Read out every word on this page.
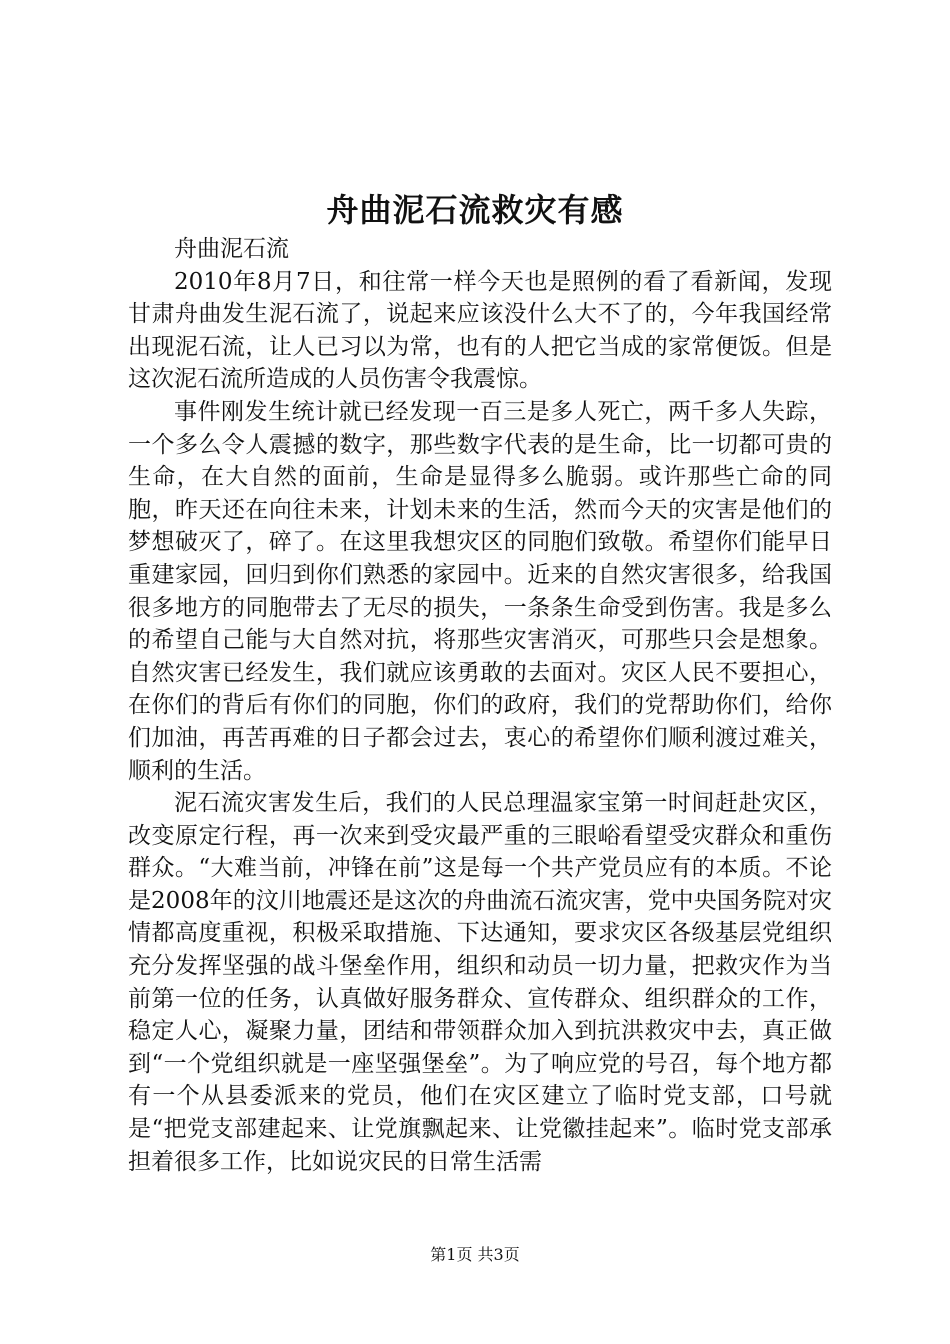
舟曲泥石流救灾有感

舟曲泥石流

2010年8月7日，和往常一样今天也是照例的看了看新闻，发现甘肃舟曲发生泥石流了，说起来应该没什么大不了的，今年我国经常出现泥石流，让人已习以为常，也有的人把它当成的家常便饭。但是这次泥石流所造成的人员伤害令我震惊。

事件刚发生统计就已经发现一百三是多人死亡，两千多人失踪，一个多么令人震撼的数字，那些数字代表的是生命，比一切都可贵的生命，在大自然的面前，生命是显得多么脆弱。或许那些亡命的同胞，昨天还在向往未来，计划未来的生活，然而今天的灾害是他们的梦想破灭了，碎了。在这里我想灾区的同胞们致敬。希望你们能早日重建家园，回归到你们熟悉的家园中。近来的自然灾害很多，给我国很多地方的同胞带去了无尽的损失，一条条生命受到伤害。我是多么的希望自己能与大自然对抗，将那些灾害消灭，可那些只会是想象。自然灾害已经发生，我们就应该勇敢的去面对。灾区人民不要担心，在你们的背后有你们的同胞，你们的政府，我们的党帮助你们，给你们加油，再苦再难的日子都会过去，衷心的希望你们顺利渡过难关，顺利的生活。

泥石流灾害发生后，我们的人民总理温家宝第一时间赶赴灾区，改变原定行程，再一次来到受灾最严重的三眼峪看望受灾群众和重伤群众。“大难当前，冲锋在前”这是每一个共产党员应有的本质。不论是2008年的汶川地震还是这次的舟曲流石流灾害，党中央国务院对灾情都高度重视，积极采取措施、下达通知，要求灾区各级基层党组织充分发挥坚强的战斗堡垒作用，组织和动员一切力量，把救灾作为当前第一位的任务，认真做好服务群众、宣传群众、组织群众的工作，稳定人心，凝聚力量，团结和带领群众加入到抗洪救灾中去，真正做到“一个党组织就是一座坚强堡垒”。为了响应党的号召，每个地方都有一个从县委派来的党员，他们在灾区建立了临时党支部，口号就是“把党支部建起来、让党旗飘起来、让党徽挂起来”。临时党支部承担着很多工作，比如说灾民的日常生活需

第1页 共3页
